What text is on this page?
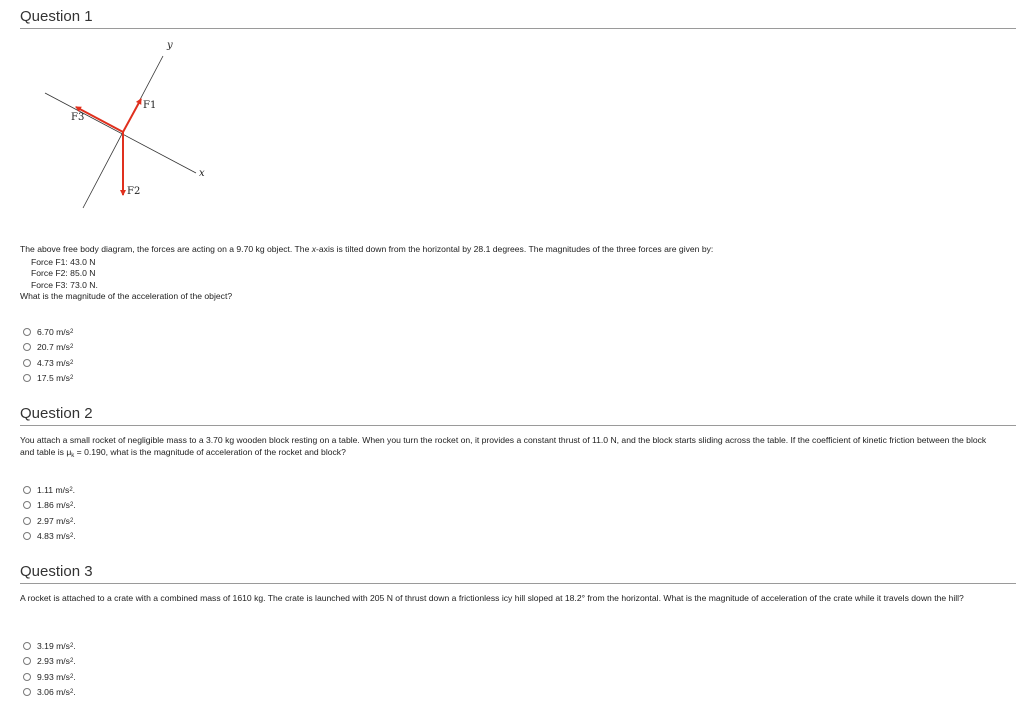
Question 1
y
x
F1
F2
F3
The above free body diagram, the forces are acting on a 9.70 kg object. The x-axis is tilted down from the horizontal by 28.1 degrees. The magnitudes of the three forces are given by:
Force F1: 43.0 N
Force F2: 85.0 N
Force F3: 73.0 N.
What is the magnitude of the acceleration of the object?
6.70 m/s 2
20.7 m/s 2
4.73 m/s 2
17.5 m/s 2
Question 2
You attach a small rocket of negligible mass to a 3.70 kg wooden block resting on a table. When you turn the rocket on, it provides a constant thrust of 11.0 N, and the block starts sliding across the table. If the coefficient of kinetic friction between the block and table is $\mu_k = 0.190$, what is the magnitude of acceleration of the rocket and block?
1.11 m/s 2 .
1.86 m/s 2 .
2.97 m/s 2 .
4.83 m/s 2 .
Question 3
A rocket is attached to a crate with a combined mass of 1610 kg. The crate is launched with 205 N of thrust down a frictionless icy hill sloped at 18.2° from the horizontal. What is the magnitude of acceleration of the crate while it travels down the hill?
3.19 m/s 2 .
2.93 m/s 2 .
9.93 m/s 2 .
3.06 m/s 2 .
